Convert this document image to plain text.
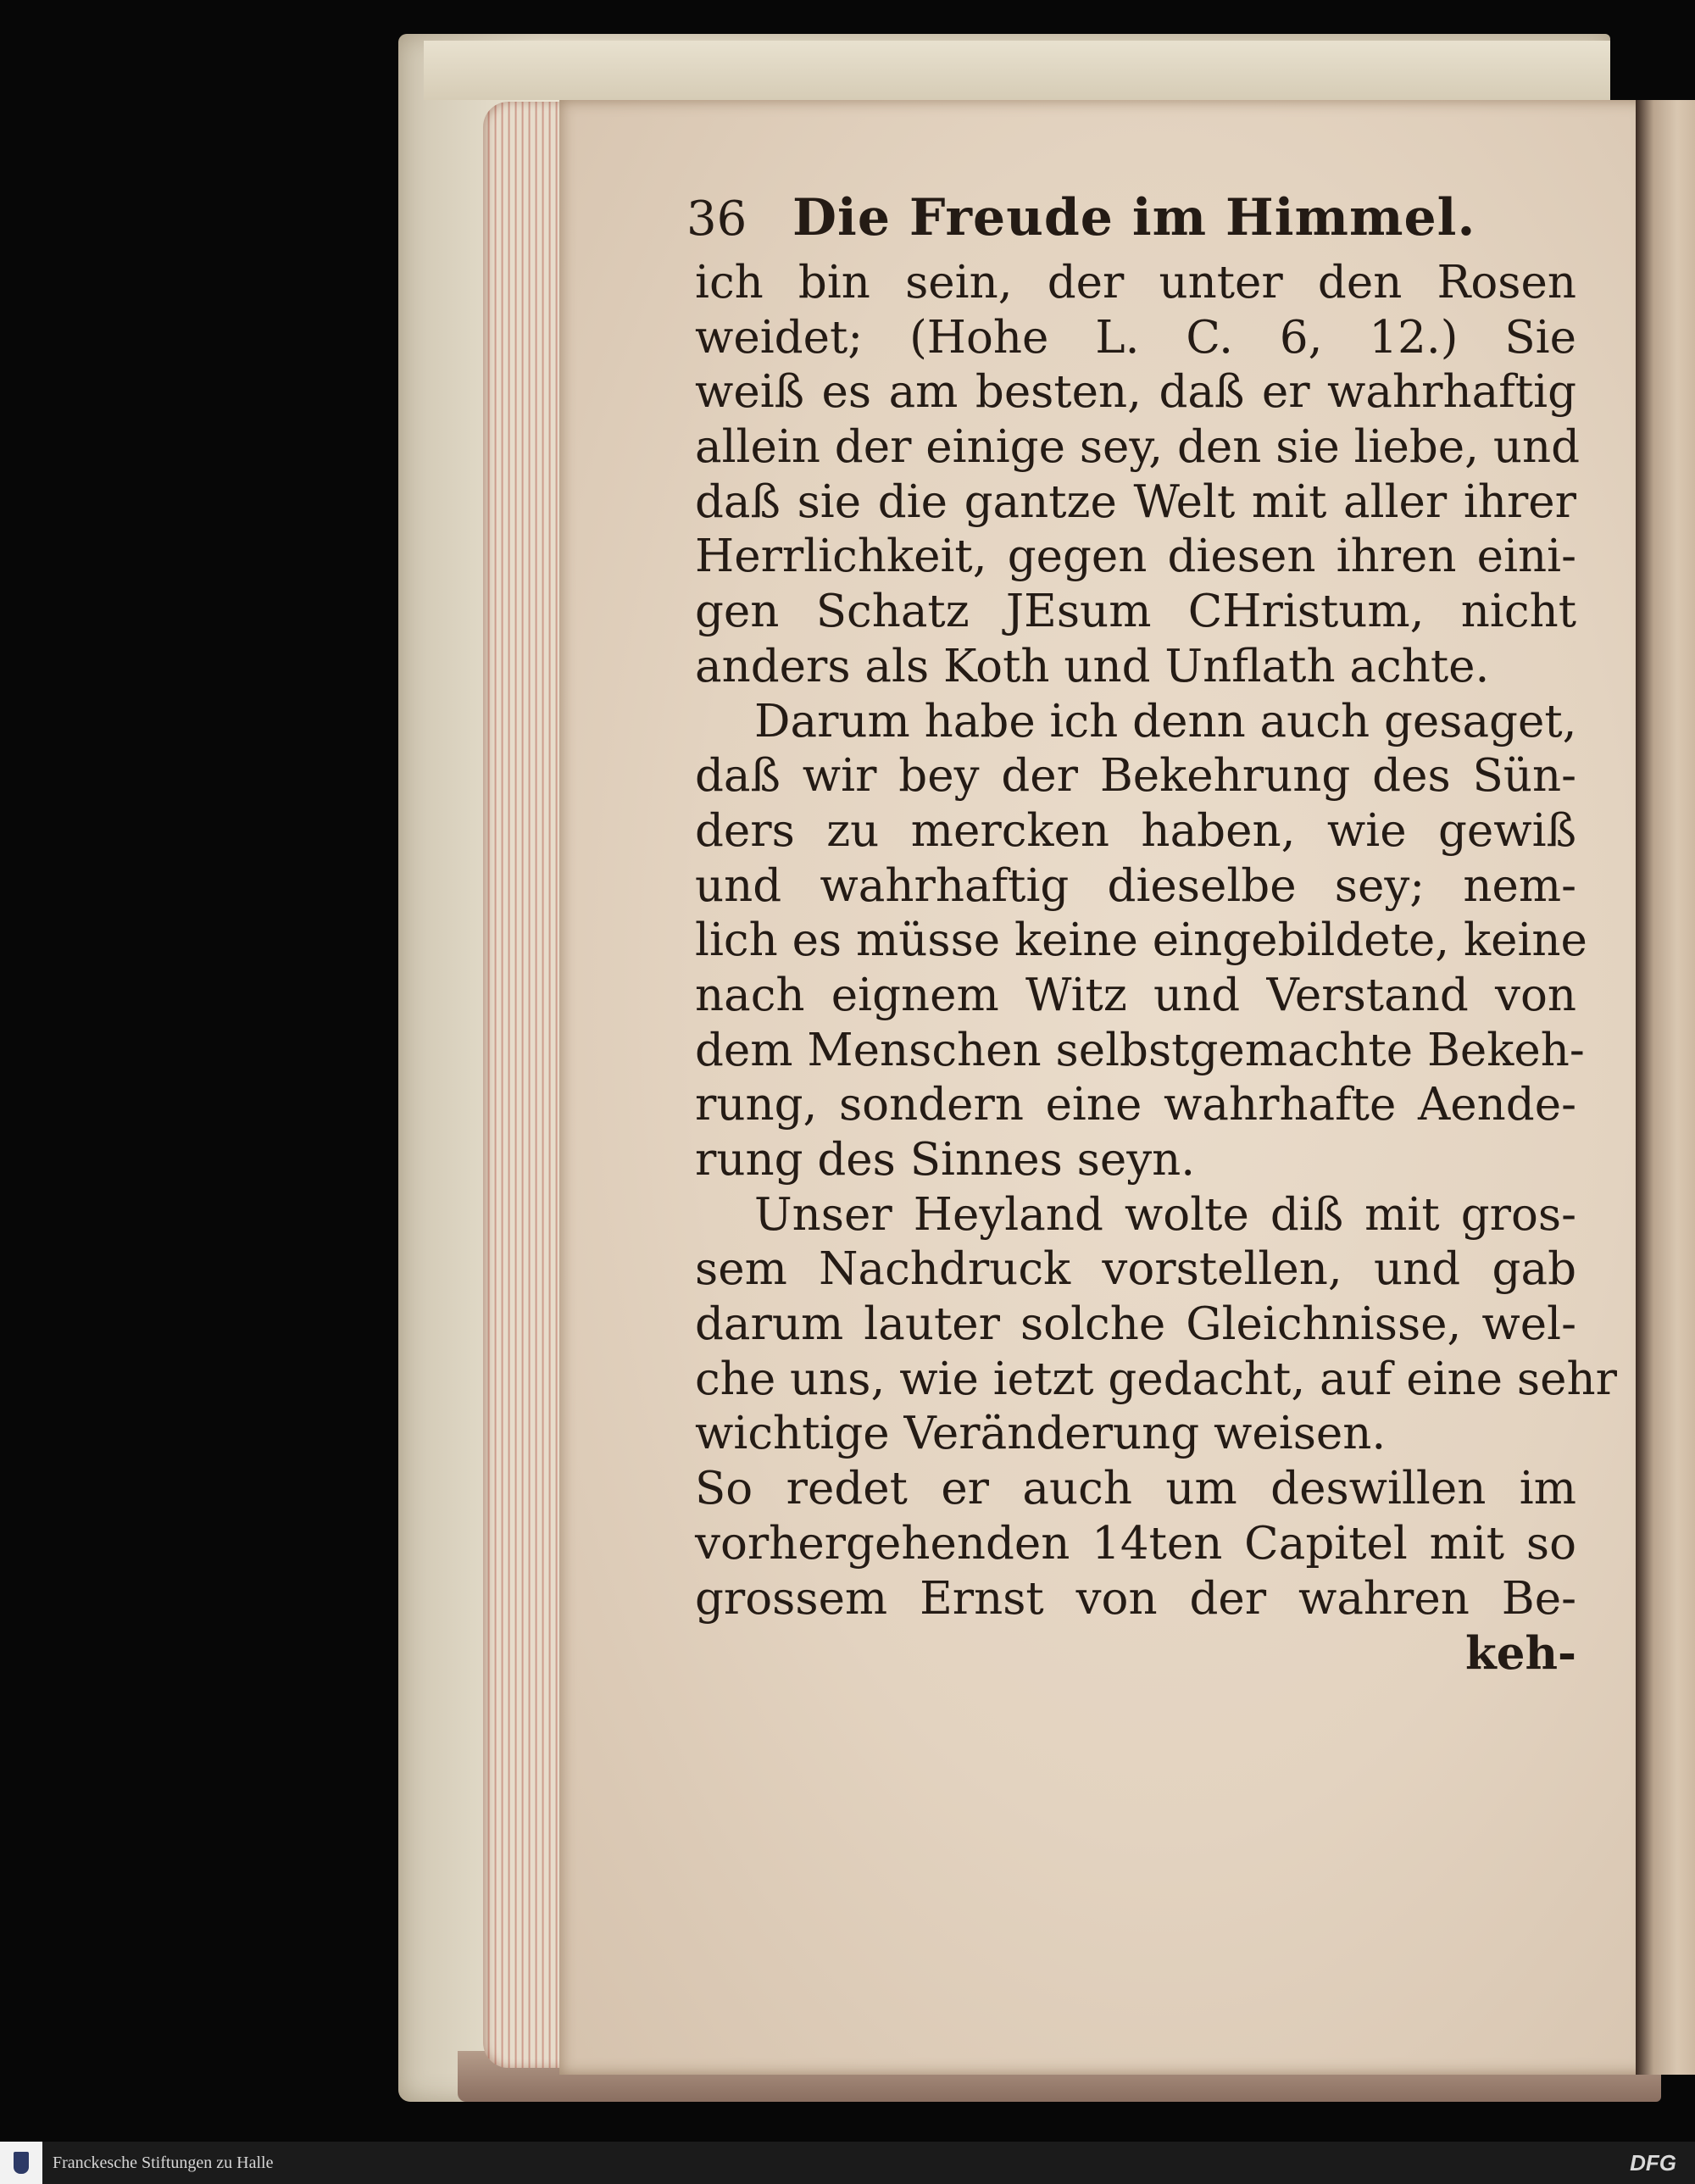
36 Die Freude im Himmel.
ich bin sein, der unter den Rosen
weidet; (Hohe L. C. 6, 12.) Sie
weiß es am besten, daß er wahrhaftig
allein der einige sey, den sie liebe, und
daß sie die gantze Welt mit aller ihrer
Herrlichkeit, gegen diesen ihren eini-
gen Schatz JEsum CHristum, nicht
anders als Koth und Unflath achte.
Darum habe ich denn auch gesaget,
daß wir bey der Bekehrung des Sün-
ders zu mercken haben, wie gewiß
und wahrhaftig dieselbe sey; nem-
lich es müsse keine eingebildete, keine
nach eignem Witz und Verstand von
dem Menschen selbstgemachte Bekeh-
rung, sondern eine wahrhafte Aende-
rung des Sinnes seyn.
Unser Heyland wolte diß mit gros-
sem Nachdruck vorstellen, und gab
darum lauter solche Gleichnisse, wel-
che uns, wie ietzt gedacht, auf eine sehr
wichtige Veränderung weisen.
So redet er auch um deswillen im
vorhergehenden 14ten Capitel mit so
grossem Ernst von der wahren Be-
keh-
Franckesche Stiftungen zu Halle	DFG
